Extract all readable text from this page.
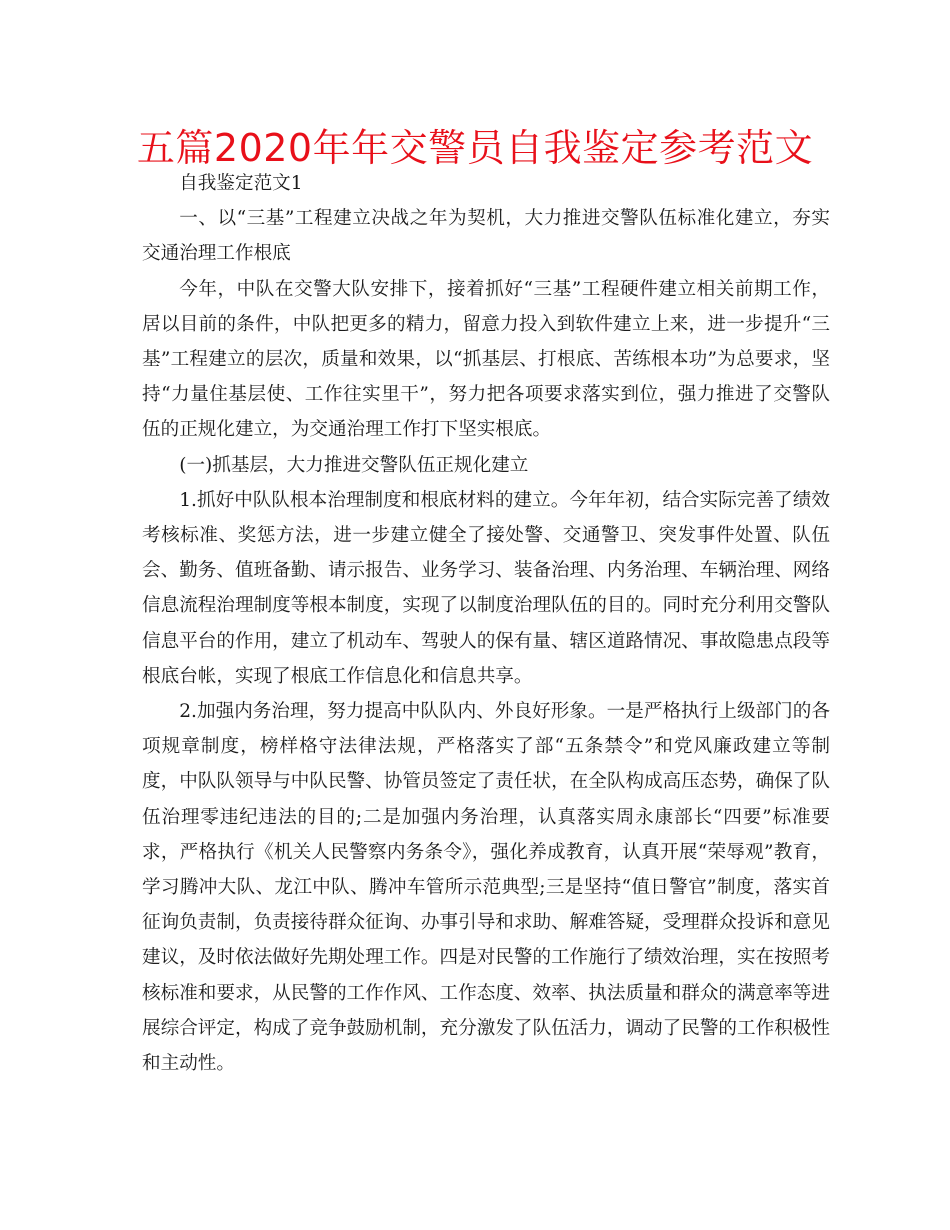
五篇2020年年交警员自我鉴定参考范文

自我鉴定范文1

一、以“三基”工程建立决战之年为契机，大力推进交警队伍标准化建立，夯实交通治理工作根底

今年，中队在交警大队安排下，接着抓好“三基”工程硬件建立相关前期工作，居以目前的条件，中队把更多的精力，留意力投入到软件建立上来，进一步提升“三基”工程建立的层次，质量和效果，以“抓基层、打根底、苦练根本功”为总要求，坚持“力量住基层使、工作往实里干”，努力把各项要求落实到位，强力推进了交警队伍的正规化建立，为交通治理工作打下坚实根底。

(一)抓基层，大力推进交警队伍正规化建立

1.抓好中队队根本治理制度和根底材料的建立。今年年初，结合实际完善了绩效考核标准、奖惩方法，进一步建立健全了接处警、交通警卫、突发事件处置、队伍会、勤务、值班备勤、请示报告、业务学习、装备治理、内务治理、车辆治理、网络信息流程治理制度等根本制度，实现了以制度治理队伍的目的。同时充分利用交警队信息平台的作用，建立了机动车、驾驶人的保有量、辖区道路情况、事故隐患点段等根底台帐，实现了根底工作信息化和信息共享。

2.加强内务治理，努力提高中队队内、外良好形象。一是严格执行上级部门的各项规章制度，榜样格守法律法规，严格落实了部“五条禁令”和党风廉政建立等制度，中队队领导与中队民警、协管员签定了责任状，在全队构成高压态势，确保了队伍治理零违纪违法的目的;二是加强内务治理，认真落实周永康部长“四要”标准要求，严格执行《机关人民警察内务条令》，强化养成教育，认真开展“荣辱观”教育，学习腾冲大队、龙江中队、腾冲车管所示范典型;三是坚持“值日警官”制度，落实首征询负责制，负责接待群众征询、办事引导和求助、解难答疑，受理群众投诉和意见建议，及时依法做好先期处理工作。四是对民警的工作施行了绩效治理，实在按照考核标准和要求，从民警的工作作风、工作态度、效率、执法质量和群众的满意率等进展综合评定，构成了竞争鼓励机制，充分激发了队伍活力，调动了民警的工作积极性和主动性。
